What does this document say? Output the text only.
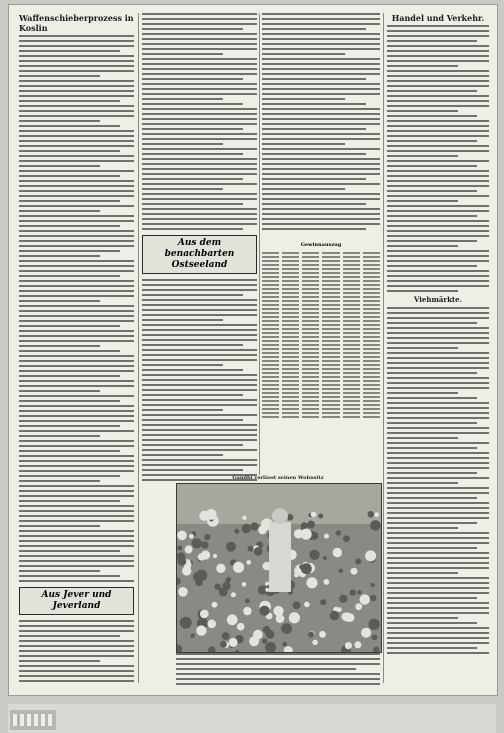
Waffenschieberprozess in Koslin
Aus Jever und Jeverland
Aus dem benachbarten Ostseeland
Gewinnauszug
Handel und Verkehr.
Viehmärkte.
Gandhi verlässt seinen Wohnsitz
